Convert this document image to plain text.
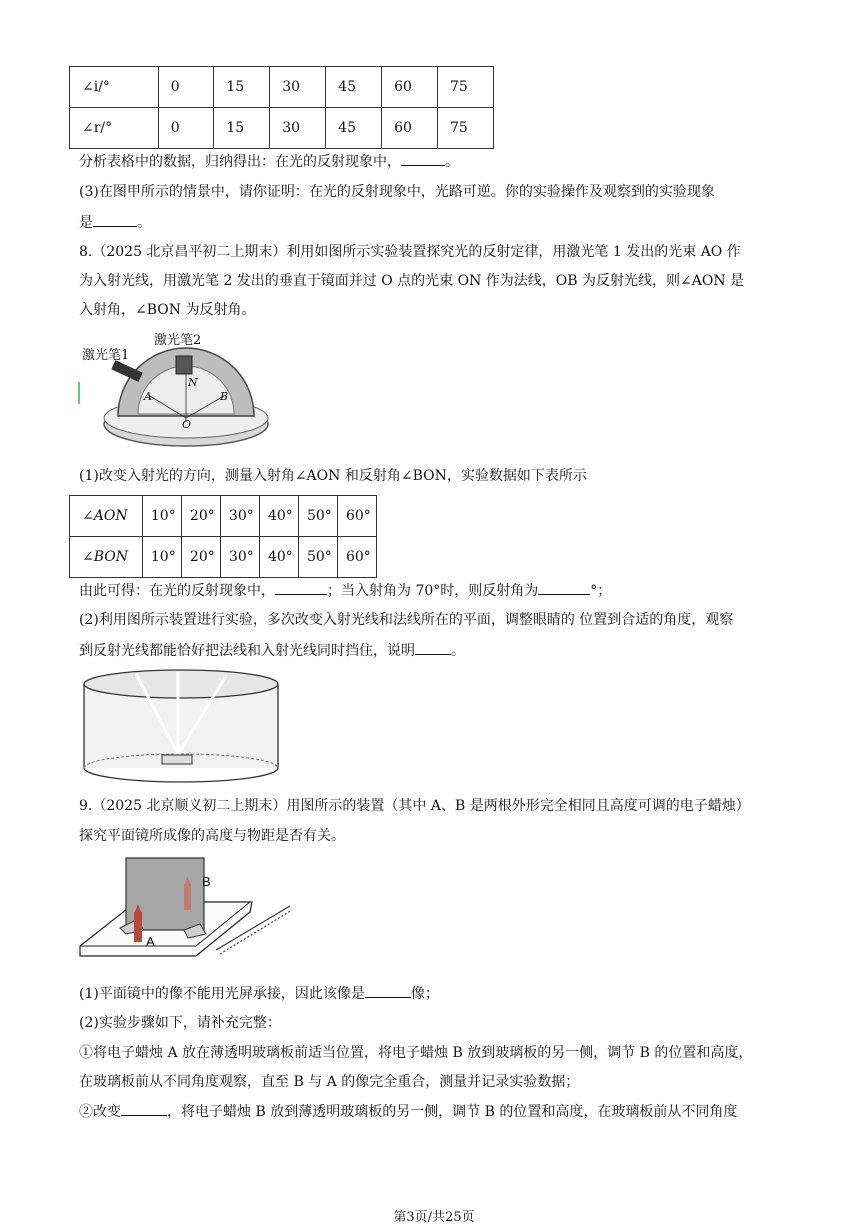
∠i/°	0	15	30	45	60	75
∠r/°	0	15	30	45	60	75
分析表格中的数据，归纳得出：在光的反射现象中，	。
(3)在图甲所示的情景中，请你证明：在光的反射现象中，光路可逆。你的实验操作及观察到的实验现象
是	。
8.（2025 北京昌平初二上期末）利用如图所示实验装置探究光的反射定律，用激光笔 1 发出的光束 AO 作
为入射光线，用激光笔 2 发出的垂直于镜面并过 O 点的光束 ON 作为法线，OB 为反射光线，则∠AON 是
入射角，∠BON 为反射角。
激光笔1
激光笔2
A
N
B
O
(1)改变入射光的方向，测量入射角∠AON 和反射角∠BON，实验数据如下表所示
∠AON	10°	20°	30°	40°	50°	60°
∠BON	10°	20°	30°	40°	50°	60°
由此可得：在光的反射现象中，	；当入射角为 70°时，则反射角为	°；
(2)利用图所示装置进行实验，多次改变入射光线和法线所在的平面，调整眼睛的 位置到合适的角度，观察
到反射光线都能恰好把法线和入射光线同时挡住，说明	。
9.（2025 北京顺义初二上期末）用图所示的装置（其中 A、B 是两根外形完全相同且高度可调的电子蜡烛）
探究平面镜所成像的高度与物距是否有关。
A
B
(1)平面镜中的像不能用光屏承接，因此该像是	像；
(2)实验步骤如下，请补充完整：
①将电子蜡烛 A 放在薄透明玻璃板前适当位置，将电子蜡烛 B 放到玻璃板的另一侧，调节 B 的位置和高度，
在玻璃板前从不同角度观察，直至 B 与 A 的像完全重合，测量并记录实验数据；
②改变	，将电子蜡烛 B 放到薄透明玻璃板的另一侧，调节 B 的位置和高度，在玻璃板前从不同角度
第3页/共25页
